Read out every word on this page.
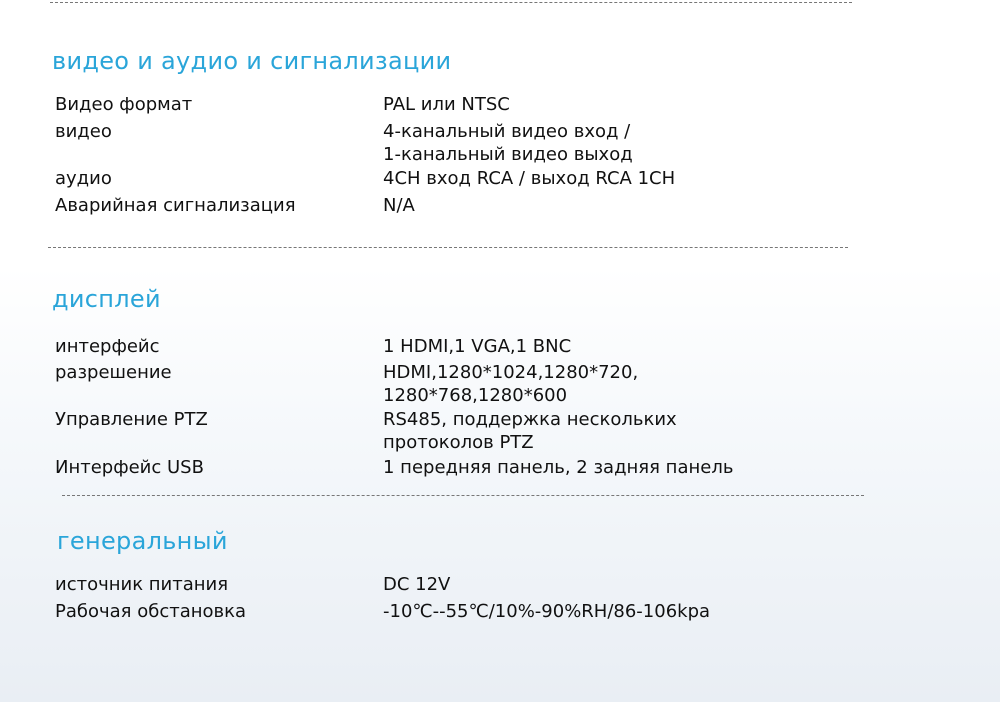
видео и аудио и сигнализации
Видео формат	PAL или NTSC
видео	4-канальный видео вход /
1-канальный видео выход
аудио	4CH вход RCA / выход RCA 1CH
Аварийная сигнализация	N/A
дисплей
интерфейс	1 HDMI,1 VGA,1 BNC
разрешение	HDMI,1280*1024,1280*720,
1280*768,1280*600
Управление PTZ	RS485, поддержка нескольких
протоколов PTZ
Интерфейс USB	1 передняя панель, 2 задняя панель
генеральный
источник питания	DC 12V
Рабочая обстановка	-10℃--55℃/10%-90%RH/86-106kpa
